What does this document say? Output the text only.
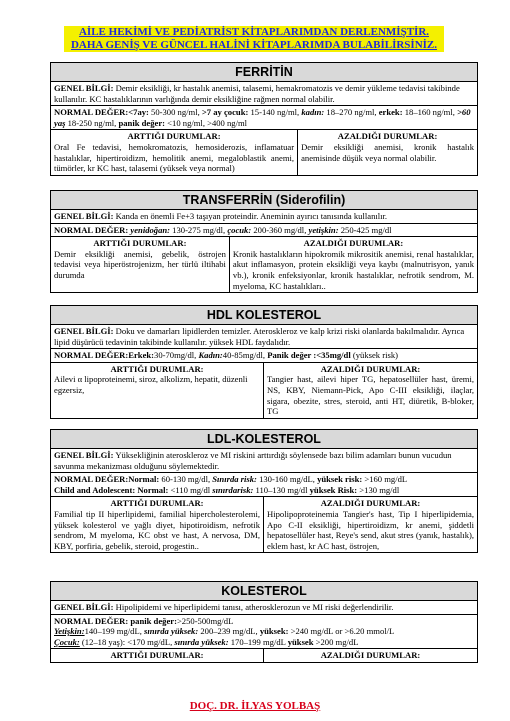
AİLE HEKİMİ VE PEDİATRİST KİTAPLARIMDAN DERLENMİŞTİR.
DAHA GENİŞ VE GÜNCEL HALİNİ KİTAPLARIMDA BULABİLİRSİNİZ.
FERRİTİN
GENEL BİLGİ: Demir eksikliği, kr hastalık anemisi, talasemi, hemakromatozis ve demir yükleme tedavisi takibinde kullanılır. KC hastalıklarının varlığında demir eksikliğine rağmen normal olabilir.
NORMAL DEĞER:<7ay: 50-300 ng/ml, >7 ay çocuk: 15-140 ng/ml, kadın: 18–270 ng/ml, erkek: 18–160 ng/ml, >60 yaş 18-250 ng/ml, panik değer: <10 ng/ml, >400 ng/ml
ARTTIĞI DURUMLAR:
Oral Fe tedavisi, hemokromatozis, hemosiderozis, inflamatuar hastalıklar, hipertiroidizm, hemolitik anemi, megaloblastik anemi, tümörler, kr KC hast, talasemi (yüksek veya normal)
AZALDIĞI DURUMLAR:
Demir eksikliği anemisi, kronik hastalık anemisinde düşük veya normal olabilir.
TRANSFERRİN (Siderofilin)
GENEL BİLGİ: Kanda en önemli Fe+3 taşıyan proteindir. Aneminin ayırıcı tanısında kullanılır.
NORMAL DEĞER: yenidoğan: 130-275 mg/dl, çocuk: 200-360 mg/dl, yetişkin: 250-425 mg/dl
ARTTIĞI DURUMLAR:
Demir eksikliği anemisi, gebelik, östrojen tedavisi veya hiperöstrojenizm, her türlü iltihabi durumda
AZALDIĞI DURUMLAR:
Kronik hastalıkların hipokromik mikrositik anemisi, renal hastalıklar, akut inflamasyon, protein eksikliği veya kaybı (malnutrisyon, yanık vb.), kronik enfeksiyonlar, kronik hastalıklar, nefrotik sendrom, M. myeloma, KC hastalıkları..
HDL KOLESTEROL
GENEL BİLGİ: Doku ve damarları lipidlerden temizler. Ateroskleroz ve kalp krizi riski olanlarda bakılmalıdır. Ayrıca lipid düşürücü tedavinin takibinde kullanılır. yüksek HDL faydalıdır.
NORMAL DEĞER:Erkek:30-70mg/dl, Kadın:40-85mg/dl, Panik değer :<35mg/dl (yüksek risk)
ARTTIĞI DURUMLAR:
Ailevi α lipoproteinemi, siroz, alkolizm, hepatit, düzenli egzersiz,
AZALDIĞI DURUMLAR:
Tangier hast, ailevi hiper TG, hepatosellüler hast, üremi, NS, KBY, Niemann-Pick, Apo C-III eksikliği, ilaçlar, sigara, obezite, stres, steroid, anti HT, diüretik, B-bloker, TG
LDL-KOLESTEROL
GENEL BİLGİ: Yüksekliğinin ateroskleroz ve MI riskini arttırdığı söylensede bazı bilim adamları bunun vucudun savunma mekanizması olduğunu söylemektedir.
NORMAL DEĞER:Normal: 60-130 mg/dl, Sınırda risk: 130-160 mg/dL, yüksek risk: >160 mg/dL
Child and Adolescent: Normal: <110 mg/dl sınırdarisk: 110–130 mg/dl yüksek Risk: >130 mg/dl
ARTTIĞI DURUMLAR:
Familial tip II hiperlipidemi, familial hipercholesterolemi, yüksek kolesterol ve yağlı diyet, hipotiroidism, nefrotik sendrom, M myeloma, KC obst ve hast, A nervosa, DM, KBY, porfiria, gebelik, steroid, progestin..
AZALDIĞI DURUMLAR:
Hipolipoproteinemia Tangier's hast, Tip I hiperlipidemia, Apo C-II eksikliği, hipertiroidizm, kr anemi, şiddetli hepatosellüler hast, Reye's send, akut stres (yanık, hastalık), eklem hast, kr AC hast, östrojen,
KOLESTEROL
GENEL BİLGİ: Hipolipidemi ve hiperlipidemi tanısı, atherosklerozun ve MI riski değerlendirilir.
NORMAL DEĞER: panik değer:>250-500mg/dL
Yetişkin:140–199 mg/dL, sınırda yüksek: 200–239 mg/dL, yüksek: >240 mg/dL or >6.20 mmol/L
Çocuk: (12–18 yaş): <170 mg/dL, sınırda yüksek: 170–199 mg/dL yüksek >200 mg/dL
ARTTIĞI DURUMLAR:	AZALDIĞI DURUMLAR:
DOÇ. DR. İLYAS YOLBAŞ
